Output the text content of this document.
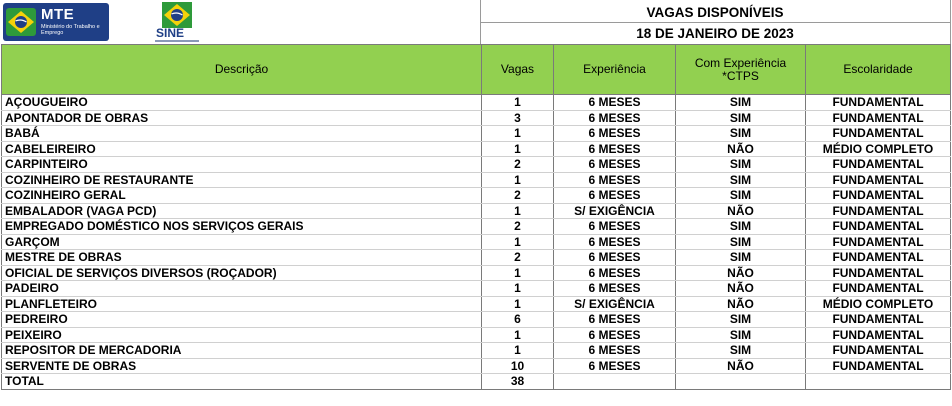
MTE
Ministério do Trabalho e Emprego	SINE
VAGAS DISPONÍVEIS
18 DE JANEIRO DE 2023
Descrição	Vagas	Experiência	Com Experiência *CTPS	Escolaridade
AÇOUGUEIRO	1	6 MESES	SIM	FUNDAMENTAL
APONTADOR DE OBRAS	3	6 MESES	SIM	FUNDAMENTAL
BABÁ	1	6 MESES	SIM	FUNDAMENTAL
CABELEIREIRO	1	6 MESES	NÃO	MÉDIO COMPLETO
CARPINTEIRO	2	6 MESES	SIM	FUNDAMENTAL
COZINHEIRO DE RESTAURANTE	1	6 MESES	SIM	FUNDAMENTAL
COZINHEIRO GERAL	2	6 MESES	SIM	FUNDAMENTAL
EMBALADOR (VAGA PCD)	1	S/ EXIGÊNCIA	NÃO	FUNDAMENTAL
EMPREGADO DOMÉSTICO NOS SERVIÇOS GERAIS	2	6 MESES	SIM	FUNDAMENTAL
GARÇOM	1	6 MESES	SIM	FUNDAMENTAL
MESTRE DE OBRAS	2	6 MESES	SIM	FUNDAMENTAL
OFICIAL DE SERVIÇOS DIVERSOS (ROÇADOR)	1	6 MESES	NÃO	FUNDAMENTAL
PADEIRO	1	6 MESES	NÃO	FUNDAMENTAL
PLANFLETEIRO	1	S/ EXIGÊNCIA	NÃO	MÉDIO COMPLETO
PEDREIRO	6	6 MESES	SIM	FUNDAMENTAL
PEIXEIRO	1	6 MESES	SIM	FUNDAMENTAL
REPOSITOR DE MERCADORIA	1	6 MESES	SIM	FUNDAMENTAL
SERVENTE DE OBRAS	10	6 MESES	NÃO	FUNDAMENTAL
TOTAL	38			
